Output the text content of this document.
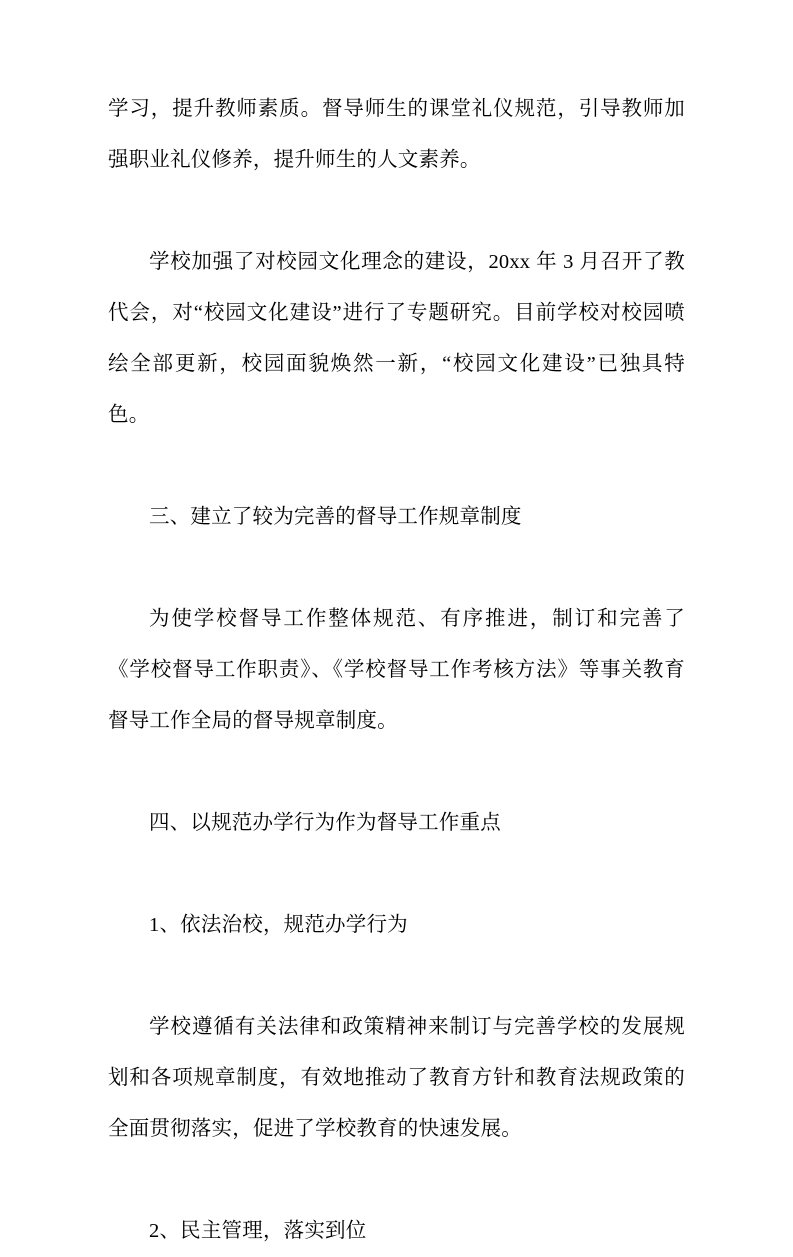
学习，提升教师素质。督导师生的课堂礼仪规范，引导教师加强职业礼仪修养，提升师生的人文素养。

学校加强了对校园文化理念的建设，20xx 年 3 月召开了教代会，对“校园文化建设”进行了专题研究。目前学校对校园喷绘全部更新，校园面貌焕然一新，“校园文化建设”已独具特色。

三、建立了较为完善的督导工作规章制度

为使学校督导工作整体规范、有序推进，制订和完善了《学校督导工作职责》、《学校督导工作考核方法》等事关教育督导工作全局的督导规章制度。

四、以规范办学行为作为督导工作重点

1、依法治校，规范办学行为

学校遵循有关法律和政策精神来制订与完善学校的发展规划和各项规章制度，有效地推动了教育方针和教育法规政策的全面贯彻落实，促进了学校教育的快速发展。

2、民主管理，落实到位
